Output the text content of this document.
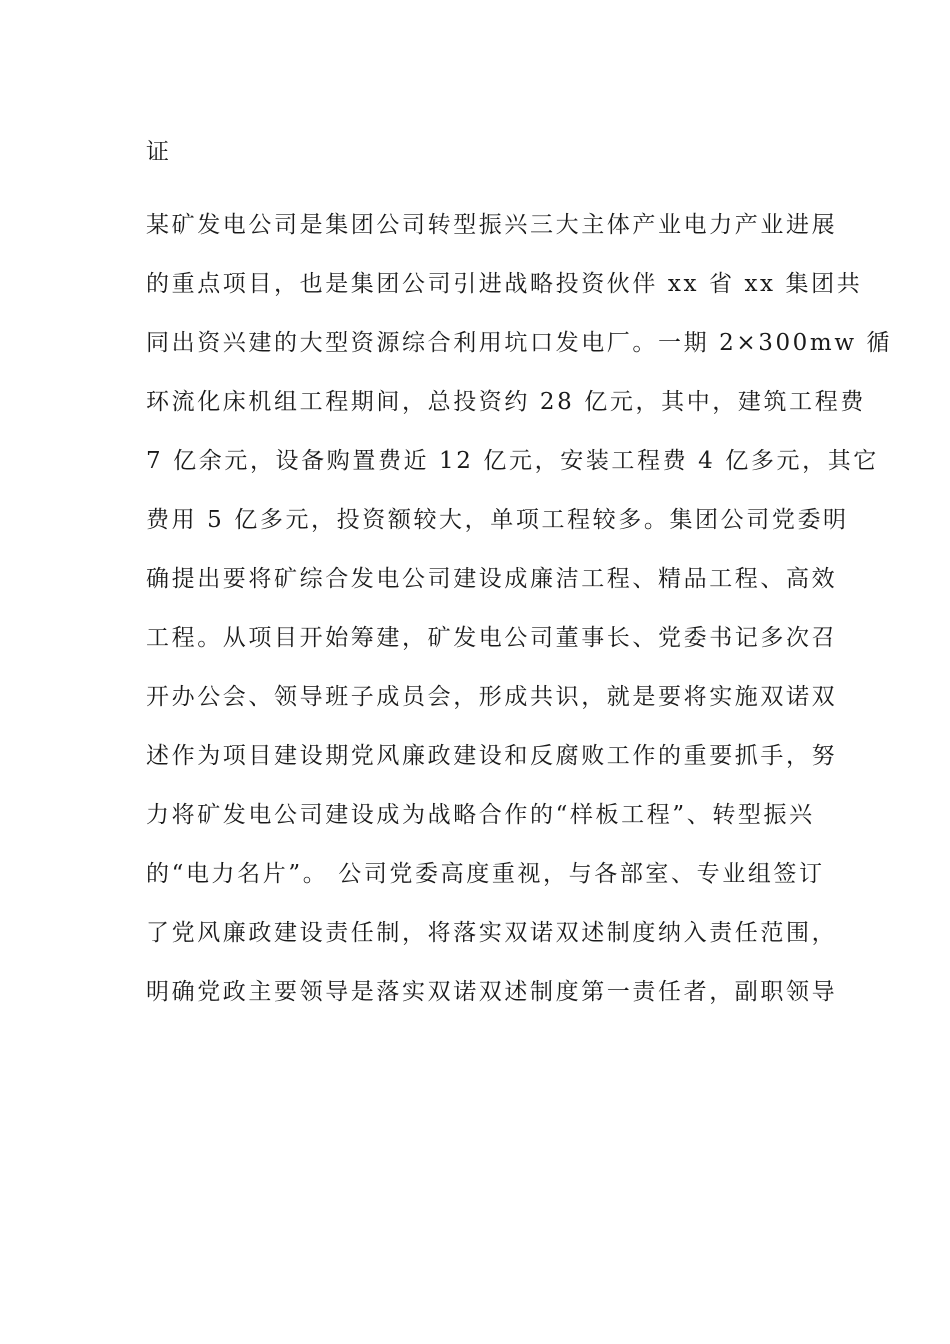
证
某矿发电公司是集团公司转型振兴三大主体产业电力产业进展
的重点项目，也是集团公司引进战略投资伙伴 xx 省 xx 集团共
同出资兴建的大型资源综合利用坑口发电厂。一期 2×300mw 循
环流化床机组工程期间，总投资约 28 亿元，其中，建筑工程费
7 亿余元，设备购置费近 12 亿元，安装工程费 4 亿多元，其它
费用 5 亿多元，投资额较大，单项工程较多。集团公司党委明
确提出要将矿综合发电公司建设成廉洁工程、精品工程、高效
工程。从项目开始筹建，矿发电公司董事长、党委书记多次召
开办公会、领导班子成员会，形成共识，就是要将实施双诺双
述作为项目建设期党风廉政建设和反腐败工作的重要抓手，努
力将矿发电公司建设成为战略合作的“样板工程”、转型振兴
的“电力名片”。 公司党委高度重视，与各部室、专业组签订
了党风廉政建设责任制，将落实双诺双述制度纳入责任范围，
明确党政主要领导是落实双诺双述制度第一责任者，副职领导
